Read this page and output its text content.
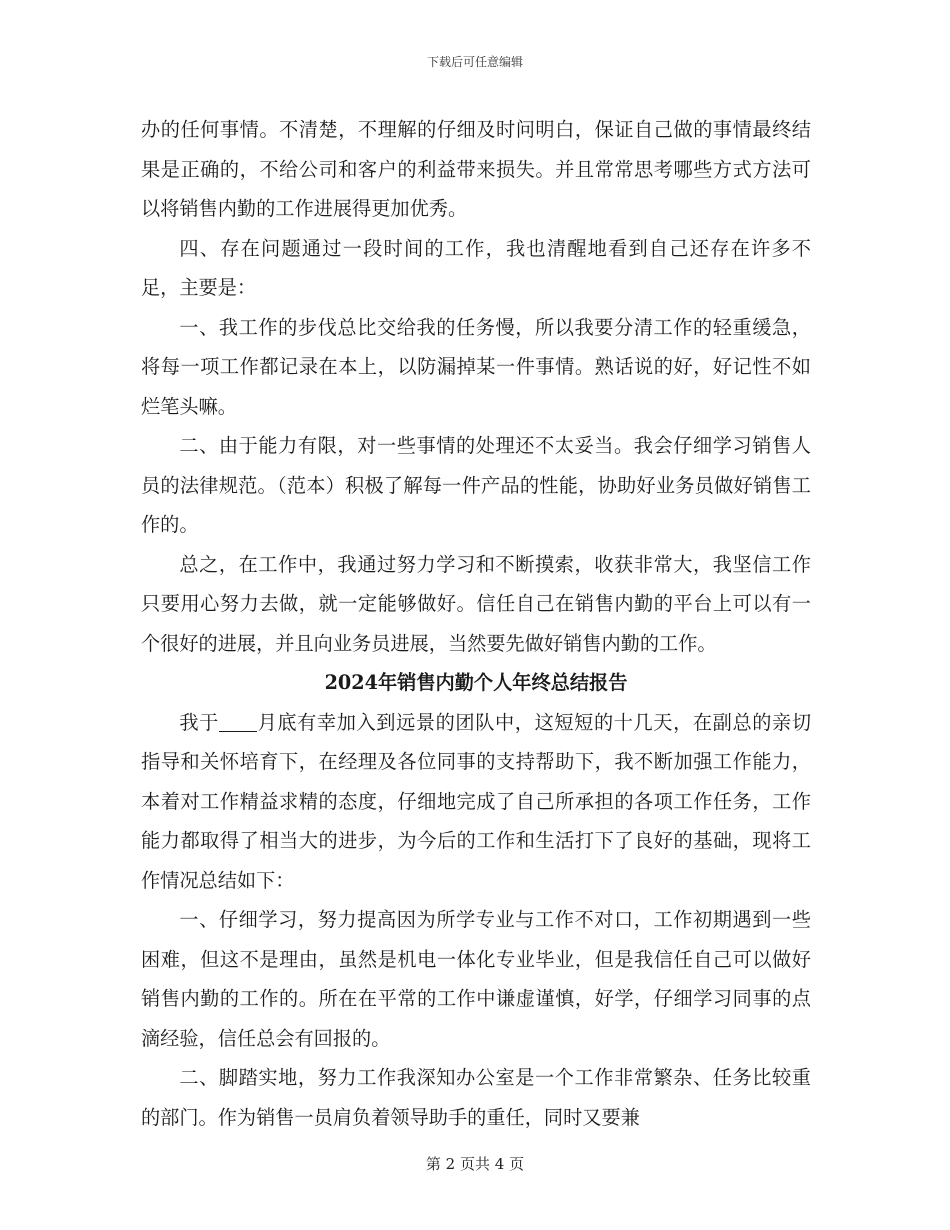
下载后可任意编辑

办的任何事情。不清楚，不理解的仔细及时问明白，保证自己做的事情最终结果是正确的，不给公司和客户的利益带来损失。并且常常思考哪些方式方法可以将销售内勤的工作进展得更加优秀。

四、存在问题通过一段时间的工作，我也清醒地看到自己还存在许多不足，主要是：

一、我工作的步伐总比交给我的任务慢，所以我要分清工作的轻重缓急，将每一项工作都记录在本上，以防漏掉某一件事情。熟话说的好，好记性不如烂笔头嘛。

二、由于能力有限，对一些事情的处理还不太妥当。我会仔细学习销售人员的法律规范。（范本）积极了解每一件产品的性能，协助好业务员做好销售工作的。

总之，在工作中，我通过努力学习和不断摸索，收获非常大，我坚信工作只要用心努力去做，就一定能够做好。信任自己在销售内勤的平台上可以有一个很好的进展，并且向业务员进展，当然要先做好销售内勤的工作。

2024年销售内勤个人年终总结报告

我于 月底有幸加入到远景的团队中，这短短的十几天，在副总的亲切指导和关怀培育下，在经理及各位同事的支持帮助下，我不断加强工作能力，本着对工作精益求精的态度，仔细地完成了自己所承担的各项工作任务，工作能力都取得了相当大的进步，为今后的工作和生活打下了良好的基础，现将工作情况总结如下：

一、仔细学习，努力提高因为所学专业与工作不对口，工作初期遇到一些困难，但这不是理由，虽然是机电一体化专业毕业，但是我信任自己可以做好销售内勤的工作的。所在在平常的工作中谦虚谨慎，好学，仔细学习同事的点滴经验，信任总会有回报的。

二、脚踏实地，努力工作我深知办公室是一个工作非常繁杂、任务比较重的部门。作为销售一员肩负着领导助手的重任，同时又要兼

第 2 页共 4 页
